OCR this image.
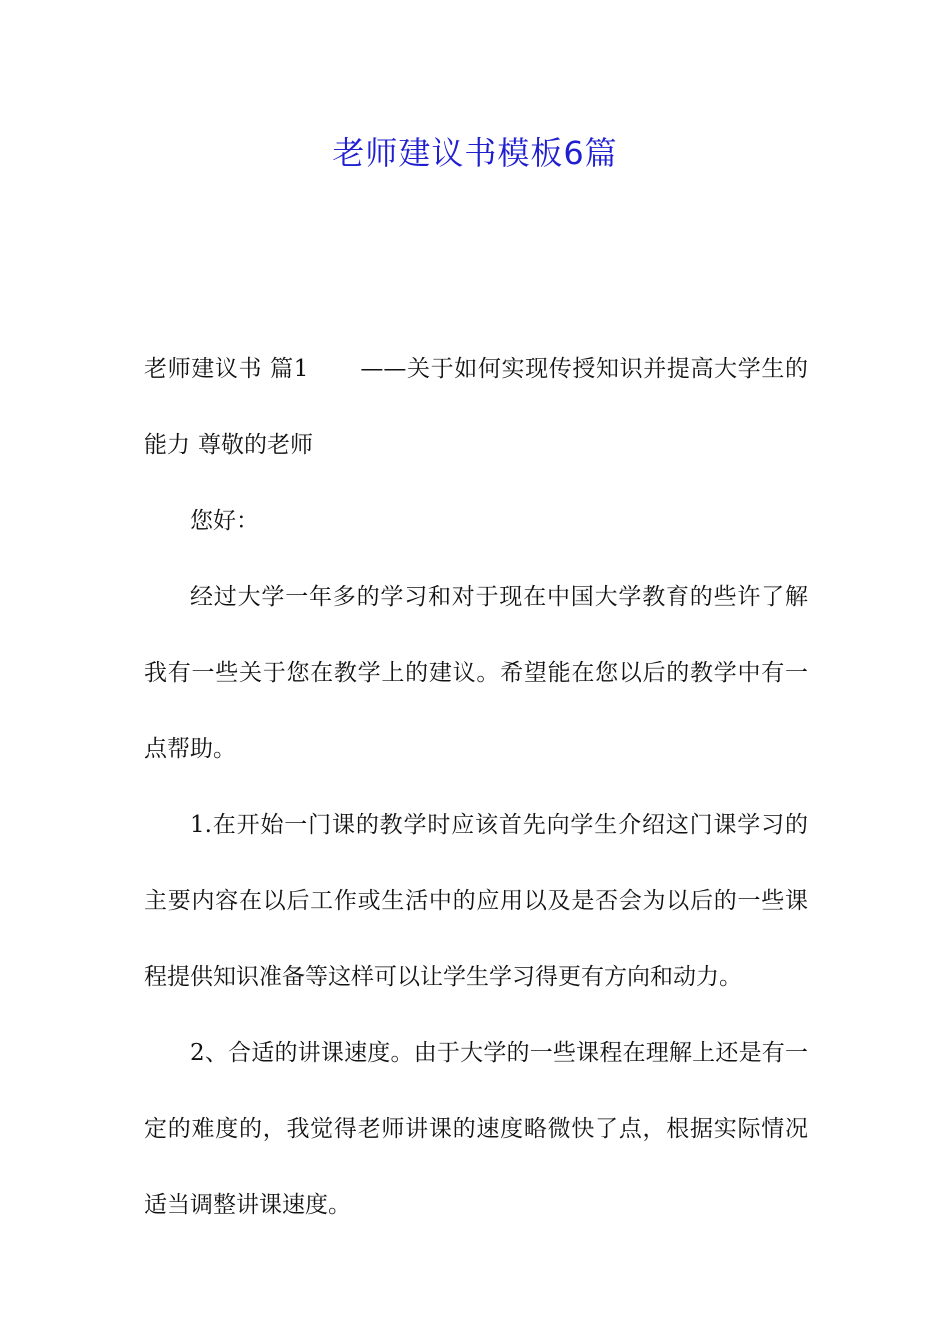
老师建议书模板6篇

老师建议书 篇1 ——关于如何实现传授知识并提高大学生的能力 尊敬的老师

您好：

经过大学一年多的学习和对于现在中国大学教育的些许了解我有一些关于您在教学上的建议。希望能在您以后的教学中有一点帮助。

1.在开始一门课的教学时应该首先向学生介绍这门课学习的主要内容在以后工作或生活中的应用以及是否会为以后的一些课程提供知识准备等这样可以让学生学习得更有方向和动力。

2、合适的讲课速度。由于大学的一些课程在理解上还是有一定的难度的，我觉得老师讲课的速度略微快了点，根据实际情况适当调整讲课速度。
